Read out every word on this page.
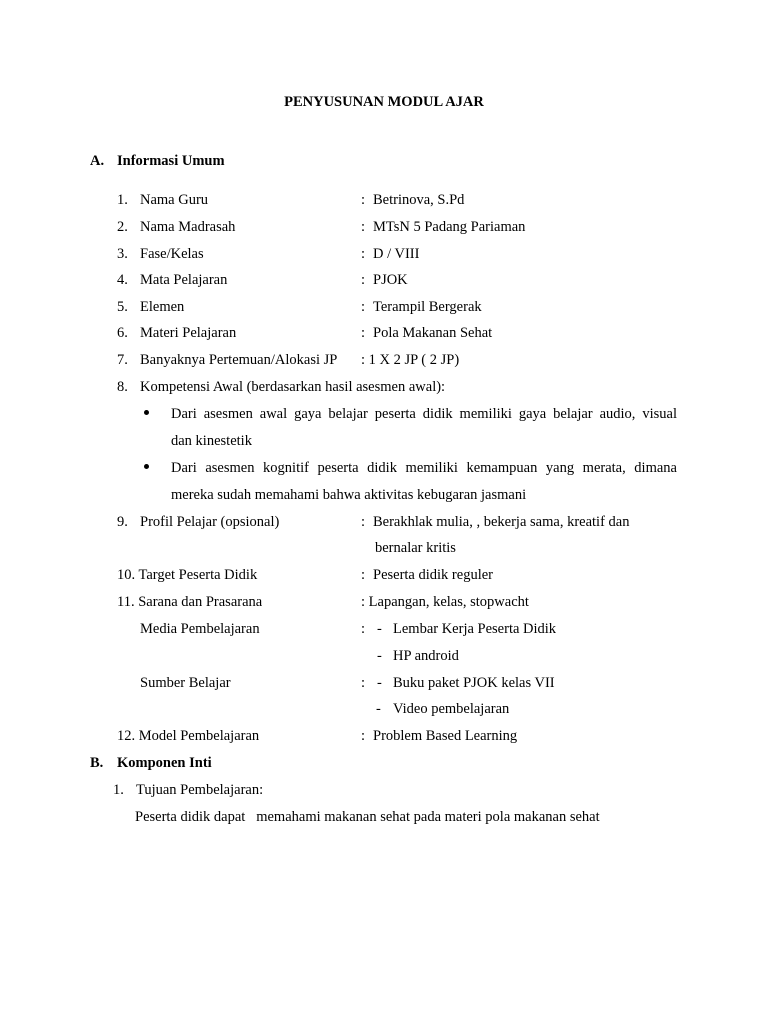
PENYUSUNAN MODUL AJAR
A. Informasi Umum
1. Nama Guru	: Betrinova, S.Pd
2. Nama Madrasah	: MTsN 5 Padang Pariaman
3. Fase/Kelas	: D / VIII
4. Mata Pelajaran	: PJOK
5. Elemen	: Terampil Bergerak
6. Materi Pelajaran	: Pola Makanan Sehat
7. Banyaknya Pertemuan/Alokasi JP : 1 X 2 JP ( 2 JP)
8. Kompetensi Awal (berdasarkan hasil asesmen awal):
Dari asesmen awal gaya belajar peserta didik memiliki gaya belajar audio, visual
dan kinestetik
Dari asesmen kognitif peserta didik memiliki kemampuan yang merata, dimana
mereka sudah memahami bahwa aktivitas kebugaran jasmani
9. Profil Pelajar (opsional)	: Berakhlak mulia, , bekerja sama, kreatif dan
bernalar kritis
10. Target Peserta Didik	: Peserta didik reguler
11. Sarana dan Prasarana	: Lapangan, kelas, stopwacht
Media Pembelajaran	: - Lembar Kerja Peserta Didik
- HP android
Sumber Belajar	: - Buku paket PJOK kelas VII
- Video pembelajaran
12. Model Pembelajaran	: Problem Based Learning
B. Komponen Inti
1. Tujuan Pembelajaran:
Peserta didik dapat   memahami makanan sehat pada materi pola makanan sehat
